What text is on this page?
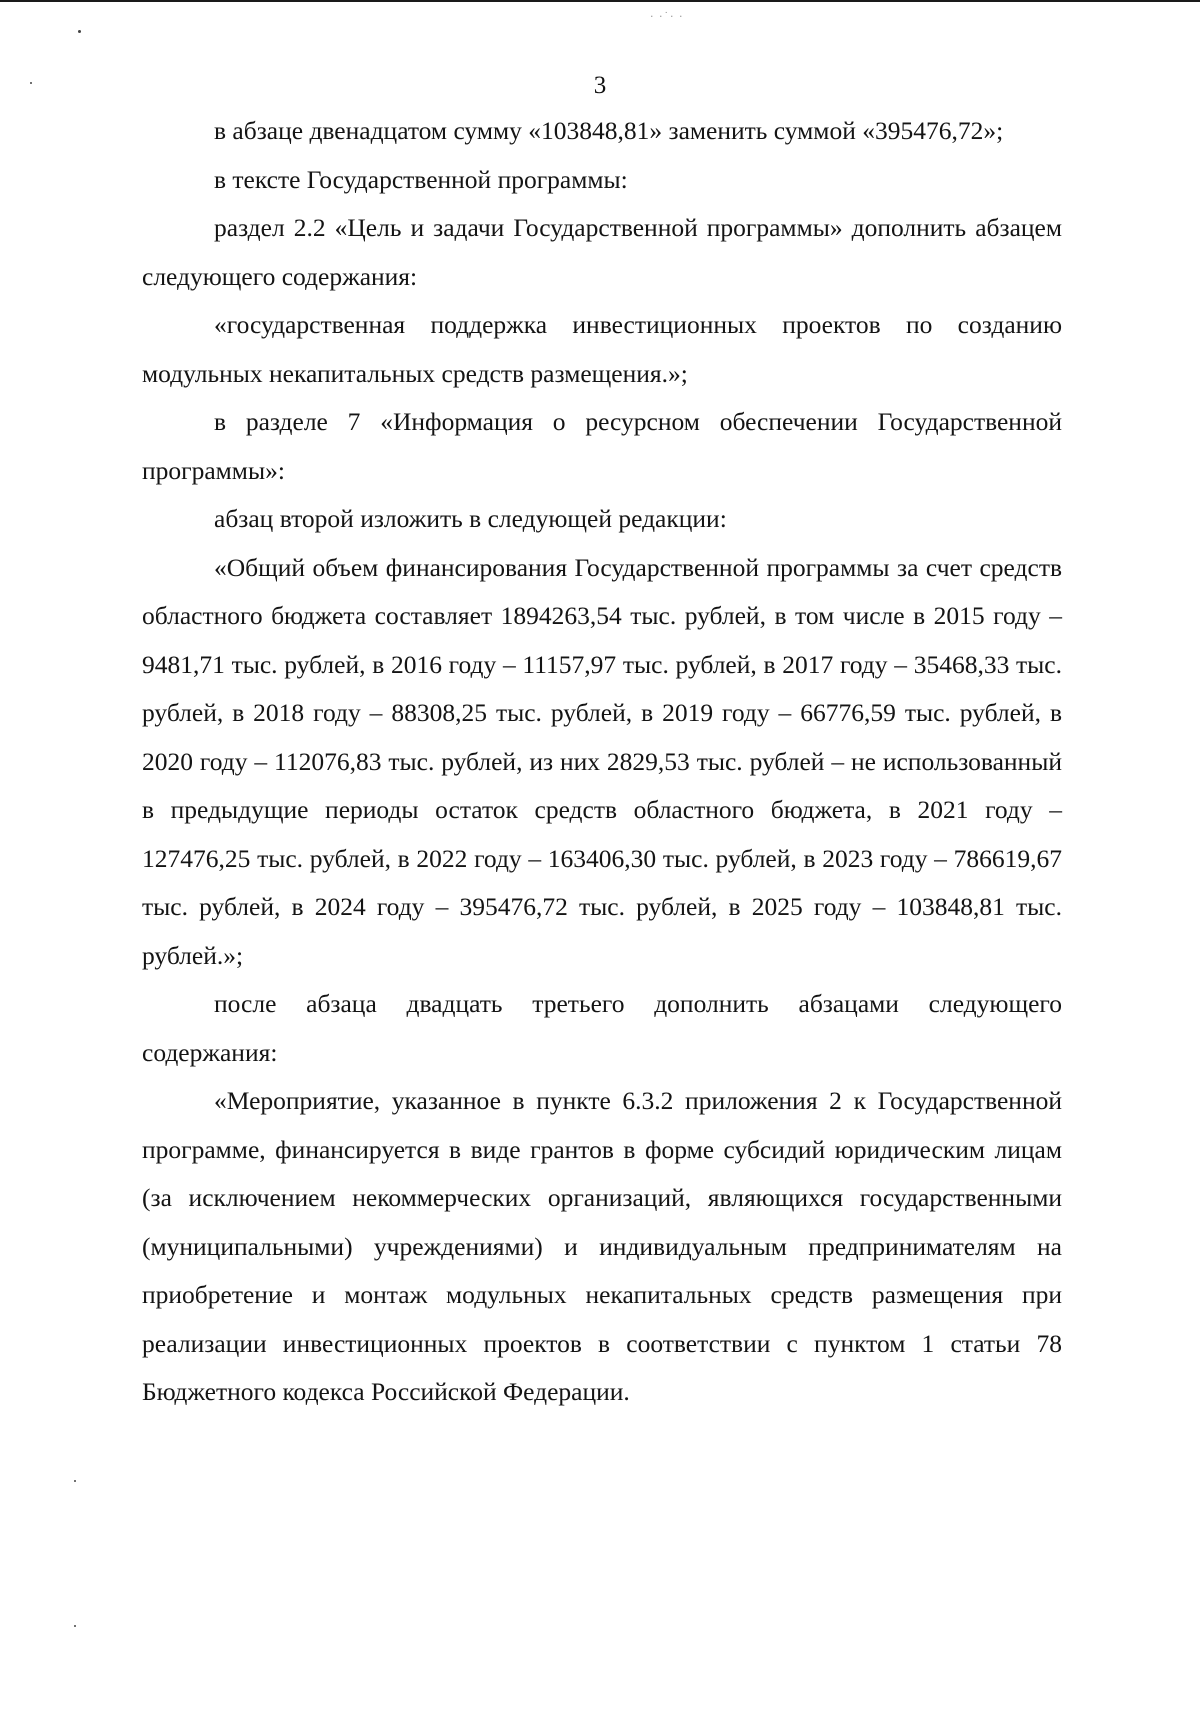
· ·˙· ·
3

в абзаце двенадцатом сумму «103848,81» заменить суммой «395476,72»;

в тексте Государственной программы:

раздел 2.2 «Цель и задачи Государственной программы» дополнить абзацем следующего содержания:

«государственная поддержка инвестиционных проектов по созданию модульных некапитальных средств размещения.»;

в разделе 7 «Информация о ресурсном обеспечении Государственной программы»:

абзац второй изложить в следующей редакции:

«Общий объем финансирования Государственной программы за счет средств областного бюджета составляет 1894263,54 тыс. рублей, в том числе в 2015 году – 9481,71 тыс. рублей, в 2016 году – 11157,97 тыс. рублей, в 2017 году – 35468,33 тыс. рублей, в 2018 году – 88308,25 тыс. рублей, в 2019 году – 66776,59 тыс. рублей, в 2020 году – 112076,83 тыс. рублей, из них 2829,53 тыс. рублей – не использованный в предыдущие периоды остаток средств областного бюджета, в 2021 году – 127476,25 тыс. рублей, в 2022 году – 163406,30 тыс. рублей, в 2023 году – 786619,67 тыс. рублей, в 2024 году – 395476,72 тыс. рублей, в 2025 году – 103848,81 тыс. рублей.»;

после абзаца двадцать третьего дополнить абзацами следующего содержания:

«Мероприятие, указанное в пункте 6.3.2 приложения 2 к Государственной программе, финансируется в виде грантов в форме субсидий юридическим лицам (за исключением некоммерческих организаций, являющихся государственными (муниципальными) учреждениями) и индивидуальным предпринимателям на приобретение и монтаж модульных некапитальных средств размещения при реализации инвестиционных проектов в соответствии с пунктом 1 статьи 78 Бюджетного кодекса Российской Федерации.
